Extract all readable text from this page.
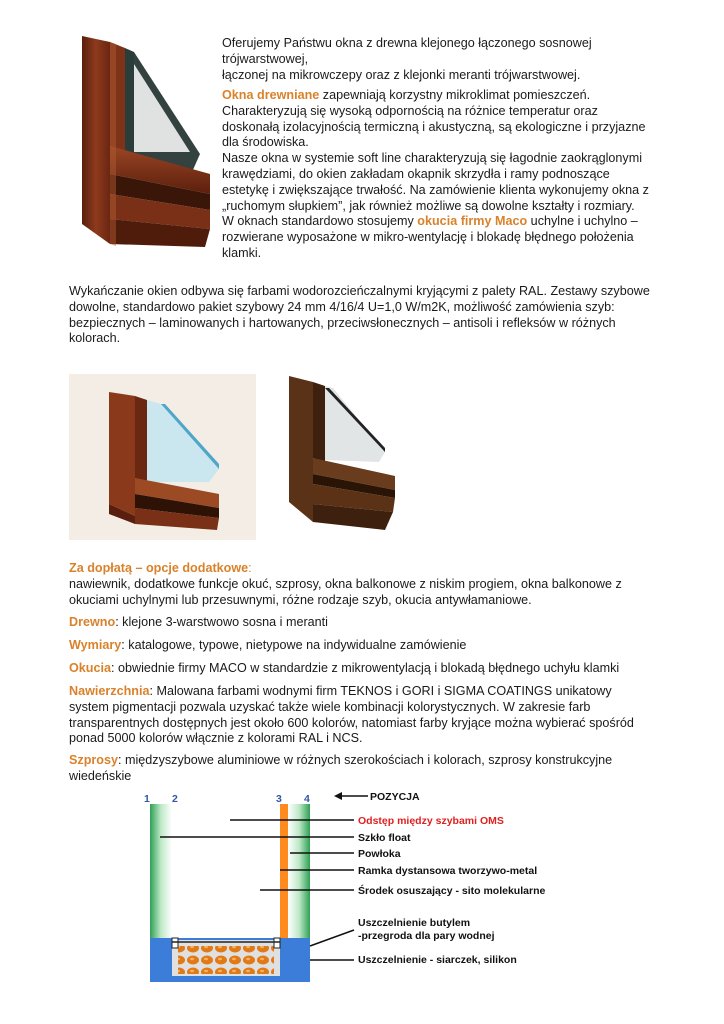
Oferujemy Państwu okna z drewna klejonego łączonego sosnowej trójwarstwowej,

łączonej na mikrowczepy oraz z klejonki meranti trójwarstwowej.

Okna drewniane zapewniają korzystny mikroklimat pomieszczeń. Charakteryzują się wysoką odpornością na różnice temperatur oraz doskonałą izolacyjnością termiczną i akustyczną, są ekologiczne i przyjazne dla środowiska.

Nasze okna w systemie soft line charakteryzują się łagodnie zaokrąglonymi krawędziami, do okien zakładam okapnik skrzydła i ramy podnoszące estetykę i zwiększające trwałość. Na zamówienie klienta wykonujemy okna z „ruchomym słupkiem”, jak również możliwe są dowolne kształty i rozmiary.

W oknach standardowo stosujemy okucia firmy Maco uchylne i uchylno – rozwierane wyposażone w mikro-wentylację i blokadę błędnego położenia klamki.

Wykańczanie okien odbywa się farbami wodorozcieńczalnymi kryjącymi z palety RAL. Zestawy szybowe dowolne, standardowo pakiet szybowy 24 mm 4/16/4 U=1,0 W/m2K, możliwość zamówienia szyb: bezpiecznych – laminowanych i hartowanych, przeciwsłonecznych – antisoli i refleksów w różnych kolorach.

Za dopłatą – opcje dodatkowe:

nawiewnik, dodatkowe funkcje okuć, szprosy, okna balkonowe z niskim progiem, okna balkonowe z okuciami uchylnymi lub przesuwnymi, różne rodzaje szyb, okucia antywłamaniowe.

Drewno: klejone 3-warstwowo sosna i meranti
Wymiary: katalogowe, typowe, nietypowe na indywidualne zamówienie
Okucia: obwiednie firmy MACO w standardzie z mikrowentylacją i blokadą błędnego uchyłu klamki
Nawierzchnia: Malowana farbami wodnymi firm TEKNOS i GORI i SIGMA COATINGS unikatowy system pigmentacji pozwala uzyskać także wiele kombinacji kolorystycznych. W zakresie farb transparentnych dostępnych jest około 600 kolorów, natomiast farby kryjące można wybierać spośród ponad 5000 kolorów włącznie z kolorami RAL i NCS.
Szprosy: międzyszybowe aluminiowe w różnych szerokościach i kolorach, szprosy konstrukcyjne wiedeńskie
1 2	3 4	POZYCJA
Odstęp między szybami OMS
Szkło float
Powłoka
Ramka dystansowa tworzywo-metal
Środek osuszający - sito molekularne
Uszczelnienie butylem
-przegroda dla pary wodnej
Uszczelnienie - siarczek, silikon
